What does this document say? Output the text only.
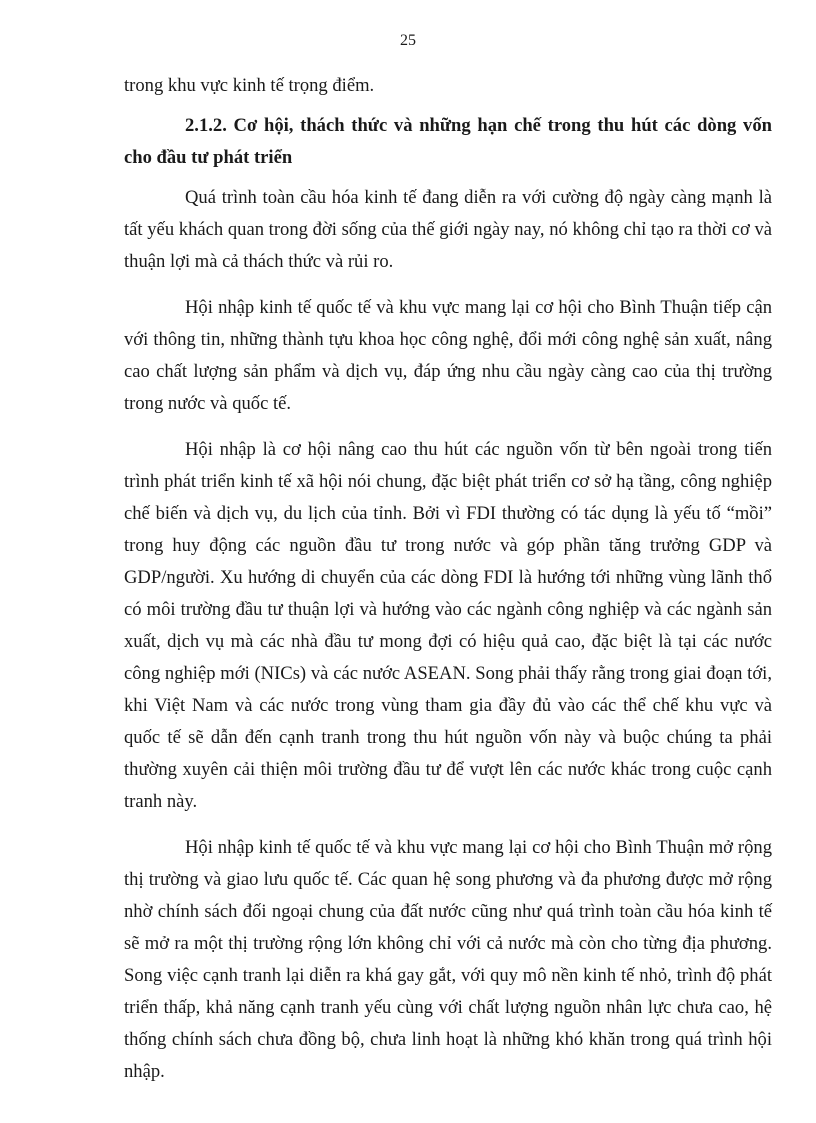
25

trong khu vực kinh tế trọng điểm.

2.1.2. Cơ hội, thách thức và những hạn chế trong thu hút các dòng vốn cho đầu tư phát triển

Quá trình toàn cầu hóa kinh tế đang diễn ra với cường độ ngày càng mạnh là tất yếu khách quan trong đời sống của thế giới ngày nay, nó không chỉ tạo ra thời cơ và thuận lợi mà cả thách thức và rủi ro.

Hội nhập kinh tế quốc tế và khu vực mang lại cơ hội cho Bình Thuận tiếp cận với thông tin, những thành tựu khoa học công nghệ, đổi mới công nghệ sản xuất, nâng cao chất lượng sản phẩm và dịch vụ, đáp ứng nhu cầu ngày càng cao của thị trường trong nước và quốc tế.

Hội nhập là cơ hội nâng cao thu hút các nguồn vốn từ bên ngoài trong tiến trình phát triển kinh tế xã hội nói chung, đặc biệt phát triển cơ sở hạ tầng, công nghiệp chế biến và dịch vụ, du lịch của tỉnh. Bởi vì FDI thường có tác dụng là yếu tố “mồi” trong huy động các nguồn đầu tư trong nước và góp phần tăng trưởng GDP và GDP/người. Xu hướng di chuyển của các dòng FDI là hướng tới những vùng lãnh thổ có môi trường đầu tư thuận lợi và hướng vào các ngành công nghiệp và các ngành sản xuất, dịch vụ mà các nhà đầu tư mong đợi có hiệu quả cao, đặc biệt là tại các nước công nghiệp mới (NICs) và các nước ASEAN. Song phải thấy rằng trong giai đoạn tới, khi Việt Nam và các nước trong vùng tham gia đầy đủ vào các thể chế khu vực và quốc tế sẽ dẫn đến cạnh tranh trong thu hút nguồn vốn này và buộc chúng ta phải thường xuyên cải thiện môi trường đầu tư để vượt lên các nước khác trong cuộc cạnh tranh này.

Hội nhập kinh tế quốc tế và khu vực mang lại cơ hội cho Bình Thuận mở rộng thị trường và giao lưu quốc tế. Các quan hệ song phương và đa phương được mở rộng nhờ chính sách đối ngoại chung của đất nước cũng như quá trình toàn cầu hóa kinh tế sẽ mở ra một thị trường rộng lớn không chỉ với cả nước mà còn cho từng địa phương. Song việc cạnh tranh lại diễn ra khá gay gắt, với quy mô nền kinh tế nhỏ, trình độ phát triển thấp, khả năng cạnh tranh yếu cùng với chất lượng nguồn nhân lực chưa cao, hệ thống chính sách chưa đồng bộ, chưa linh hoạt là những khó khăn trong quá trình hội nhập.
